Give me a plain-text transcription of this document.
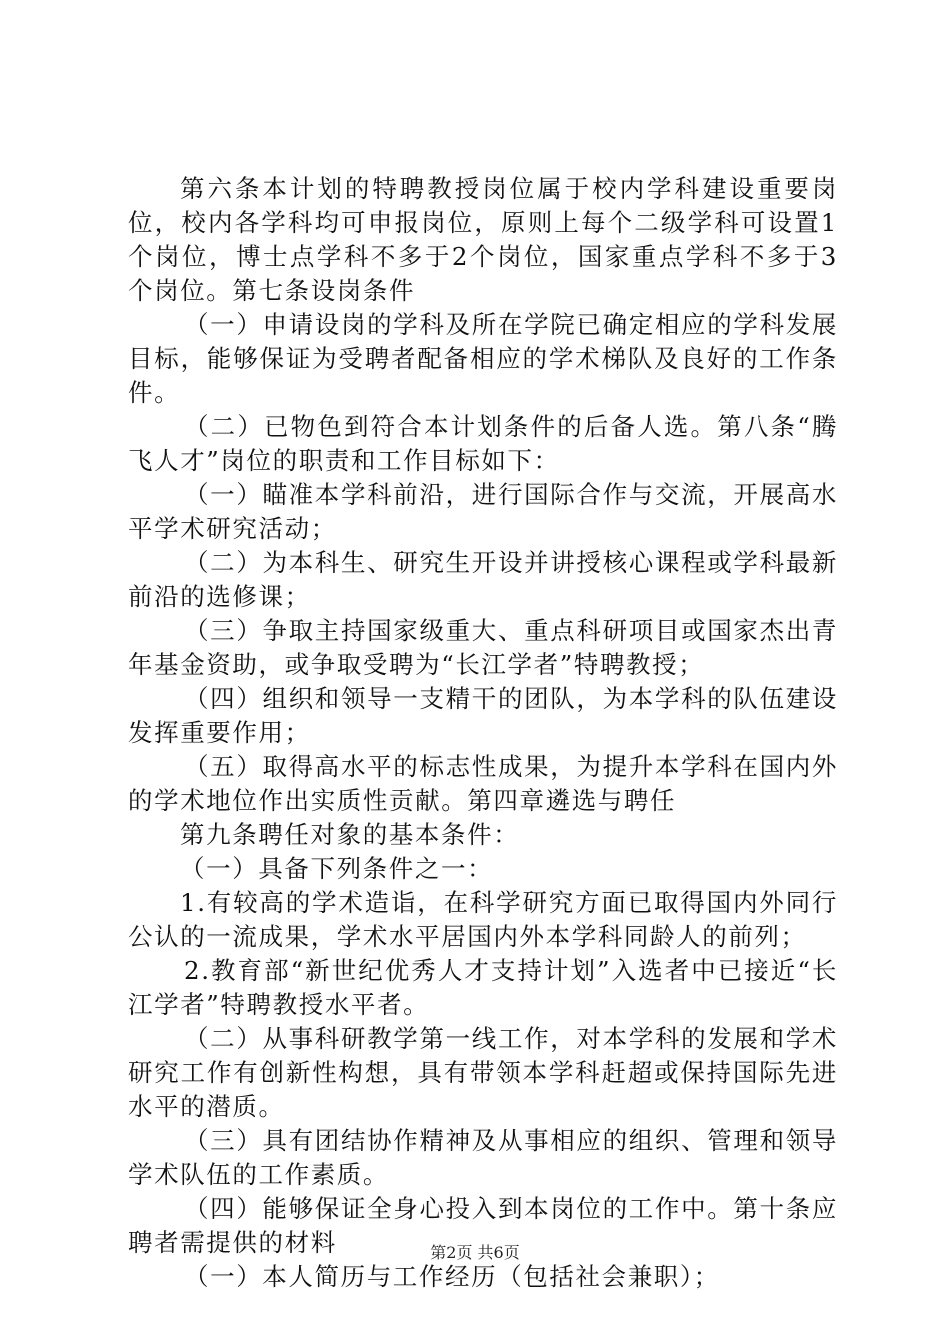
第六条本计划的特聘教授岗位属于校内学科建设重要岗位，校内各学科均可申报岗位，原则上每个二级学科可设置1个岗位，博士点学科不多于2个岗位，国家重点学科不多于3个岗位。第七条设岗条件

（一）申请设岗的学科及所在学院已确定相应的学科发展目标，能够保证为受聘者配备相应的学术梯队及良好的工作条件。

（二）已物色到符合本计划条件的后备人选。第八条“腾飞人才”岗位的职责和工作目标如下：

（一）瞄准本学科前沿，进行国际合作与交流，开展高水平学术研究活动；

（二）为本科生、研究生开设并讲授核心课程或学科最新前沿的选修课；

（三）争取主持国家级重大、重点科研项目或国家杰出青年基金资助，或争取受聘为“长江学者”特聘教授；

（四）组织和领导一支精干的团队，为本学科的队伍建设发挥重要作用；

（五）取得高水平的标志性成果，为提升本学科在国内外的学术地位作出实质性贡献。第四章遴选与聘任

第九条聘任对象的基本条件：

（一）具备下列条件之一：

1.有较高的学术造诣，在科学研究方面已取得国内外同行公认的一流成果，学术水平居国内外本学科同龄人的前列；

2.教育部“新世纪优秀人才支持计划”入选者中已接近“长江学者”特聘教授水平者。

（二）从事科研教学第一线工作，对本学科的发展和学术研究工作有创新性构想，具有带领本学科赶超或保持国际先进水平的潜质。

（三）具有团结协作精神及从事相应的组织、管理和领导学术队伍的工作素质。

（四）能够保证全身心投入到本岗位的工作中。第十条应聘者需提供的材料

（一）本人简历与工作经历（包括社会兼职）；

第2页 共6页
